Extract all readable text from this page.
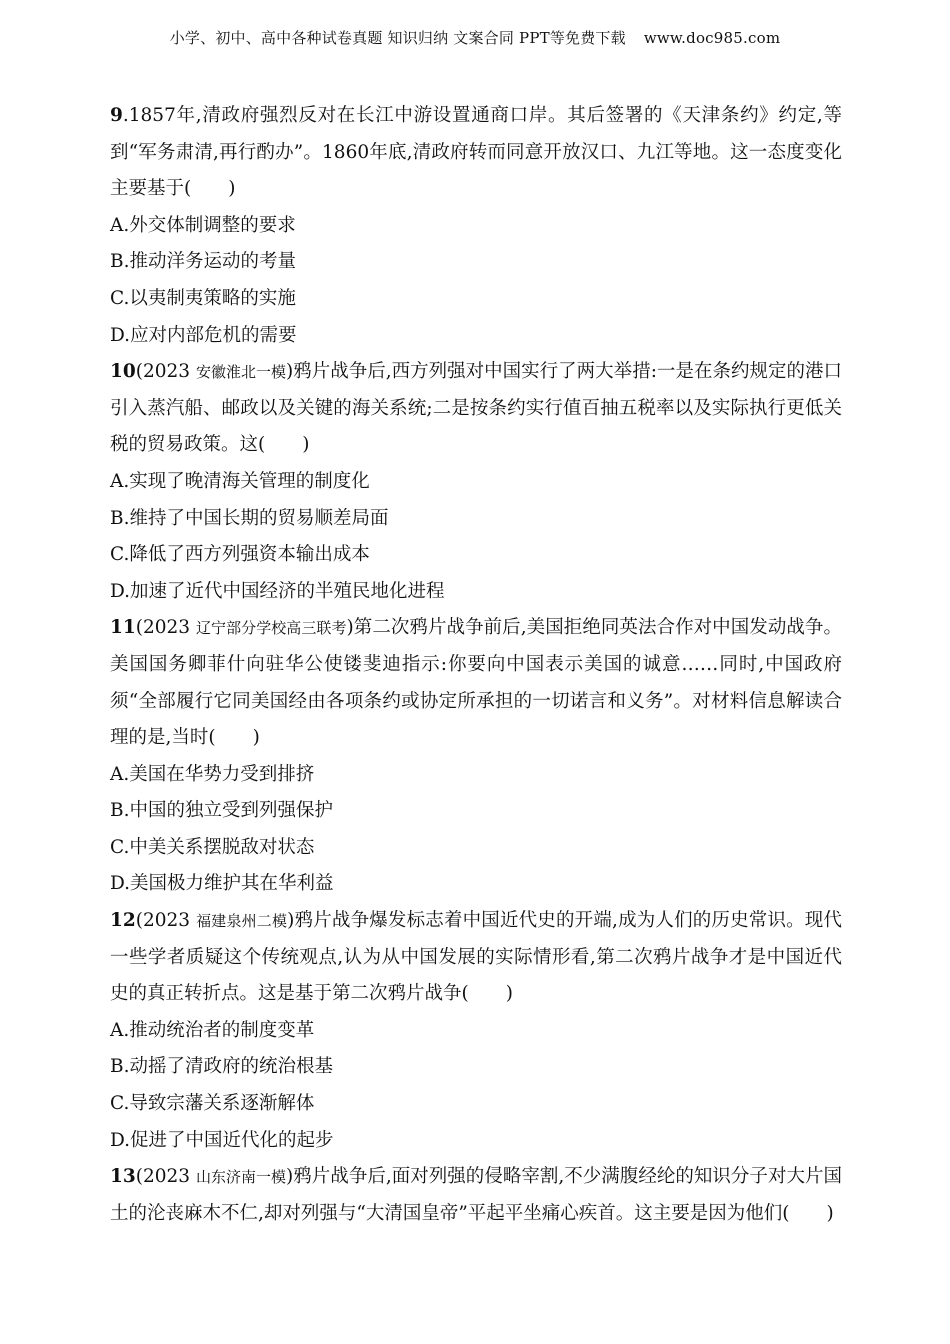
小学、初中、高中各种试卷真题 知识归纳 文案合同 PPT等免费下载 www.doc985.com

9.1857年,清政府强烈反对在长江中游设置通商口岸。其后签署的《天津条约》约定,等到“军务肃清,再行酌办”。1860年底,清政府转而同意开放汉口、九江等地。这一态度变化主要基于(　　 )

A.外交体制调整的要求

B.推动洋务运动的考量

C.以夷制夷策略的实施

D.应对内部危机的需要

10(2023 安徽淮北一模)鸦片战争后,西方列强对中国实行了两大举措:一是在条约规定的港口引入蒸汽船、邮政以及关键的海关系统;二是按条约实行值百抽五税率以及实际执行更低关税的贸易政策。这(　　 )

A.实现了晚清海关管理的制度化

B.维持了中国长期的贸易顺差局面

C.降低了西方列强资本输出成本

D.加速了近代中国经济的半殖民地化进程

11(2023 辽宁部分学校高三联考)第二次鸦片战争前后,美国拒绝同英法合作对中国发动战争。美国国务卿菲什向驻华公使镂斐迪指示:你要向中国表示美国的诚意……同时,中国政府须“全部履行它同美国经由各项条约或协定所承担的一切诺言和义务”。对材料信息解读合理的是,当时(　　 )

A.美国在华势力受到排挤

B.中国的独立受到列强保护

C.中美关系摆脱敌对状态

D.美国极力维护其在华利益

12(2023 福建泉州二模)鸦片战争爆发标志着中国近代史的开端,成为人们的历史常识。现代一些学者质疑这个传统观点,认为从中国发展的实际情形看,第二次鸦片战争才是中国近代史的真正转折点。这是基于第二次鸦片战争(　　 )

A.推动统治者的制度变革

B.动摇了清政府的统治根基

C.导致宗藩关系逐渐解体

D.促进了中国近代化的起步

13(2023 山东济南一模)鸦片战争后,面对列强的侵略宰割,不少满腹经纶的知识分子对大片国土的沦丧麻木不仁,却对列强与“大清国皇帝”平起平坐痛心疾首。这主要是因为他们(　　 )
